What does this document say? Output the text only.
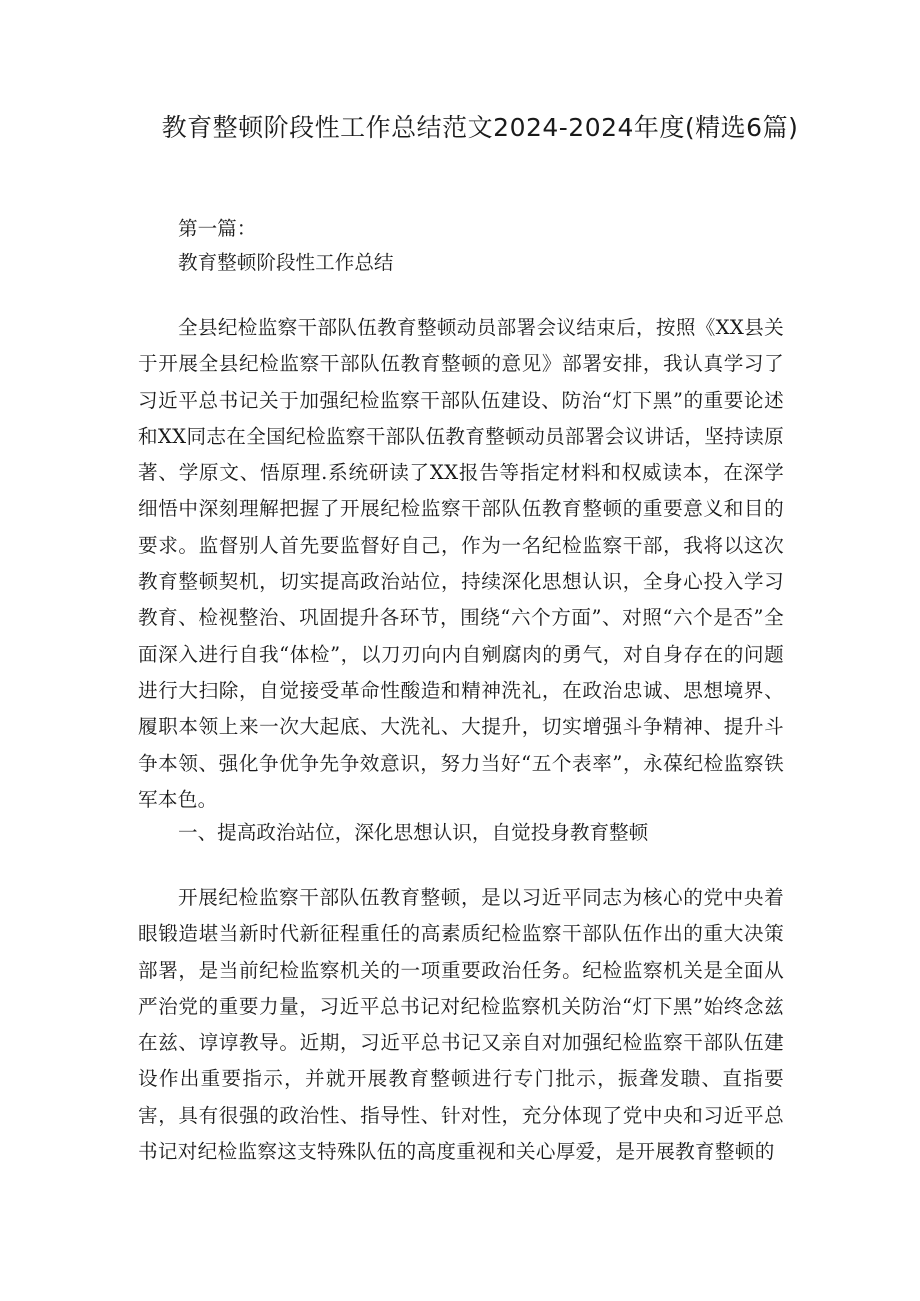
教育整顿阶段性工作总结范文2024-2024年度(精选6篇)

第一篇：

教育整顿阶段性工作总结

全县纪检监察干部队伍教育整顿动员部署会议结束后，按照《XX县关于开展全县纪检监察干部队伍教育整顿的意见》部署安排，我认真学习了习近平总书记关于加强纪检监察干部队伍建设、防治“灯下黑”的重要论述和XX同志在全国纪检监察干部队伍教育整顿动员部署会议讲话，坚持读原著、学原文、悟原理.系统研读了XX报告等指定材料和权威读本，在深学细悟中深刻理解把握了开展纪检监察干部队伍教育整顿的重要意义和目的要求。监督别人首先要监督好自己，作为一名纪检监察干部，我将以这次教育整顿契机，切实提高政治站位，持续深化思想认识，全身心投入学习教育、检视整治、巩固提升各环节，围绕“六个方面”、对照“六个是否”全面深入进行自我“体检”，以刀刃向内自剜腐肉的勇气，对自身存在的问题进行大扫除，自觉接受革命性酸造和精神洗礼，在政治忠诚、思想境界、履职本领上来一次大起底、大洗礼、大提升，切实增强斗争精神、提升斗争本领、强化争优争先争效意识，努力当好“五个表率”，永葆纪检监察铁军本色。

一、提高政治站位，深化思想认识，自觉投身教育整顿

开展纪检监察干部队伍教育整顿，是以习近平同志为核心的党中央着眼锻造堪当新时代新征程重任的高素质纪检监察干部队伍作出的重大决策部署，是当前纪检监察机关的一项重要政治任务。纪检监察机关是全面从严治党的重要力量，习近平总书记对纪检监察机关防治“灯下黑”始终念兹在兹、谆谆教导。近期，习近平总书记又亲自对加强纪检监察干部队伍建设作出重要指示，并就开展教育整顿进行专门批示，振聋发聩、直指要害，具有很强的政治性、指导性、针对性，充分体现了党中央和习近平总书记对纪检监察这支特殊队伍的高度重视和关心厚爱，是开展教育整顿的
